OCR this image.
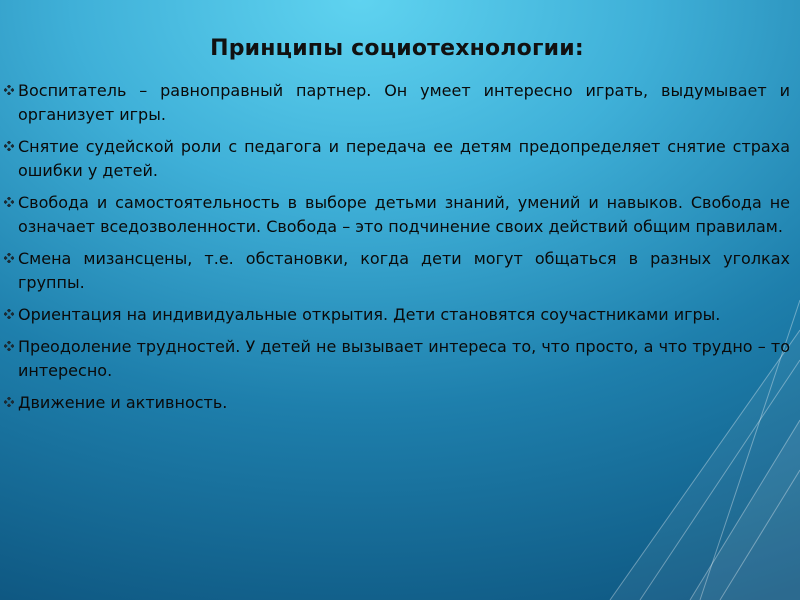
Принципы социотехнологии:
Воспитатель – равноправный партнер. Он умеет интересно играть, выдумывает и организует игры.
Снятие судейской роли с педагога и передача ее детям предопределяет снятие страха ошибки у детей.
Свобода и самостоятельность в выборе детьми знаний, умений и навыков. Свобода не означает вседозволенности. Свобода – это подчинение своих действий общим правилам.
Смена мизансцены, т.е. обстановки, когда дети могут общаться в разных уголках группы.
Ориентация на индивидуальные открытия. Дети становятся соучастниками игры.
Преодоление трудностей. У детей не вызывает интереса то, что просто, а что трудно – то интересно.
Движение и активность.
